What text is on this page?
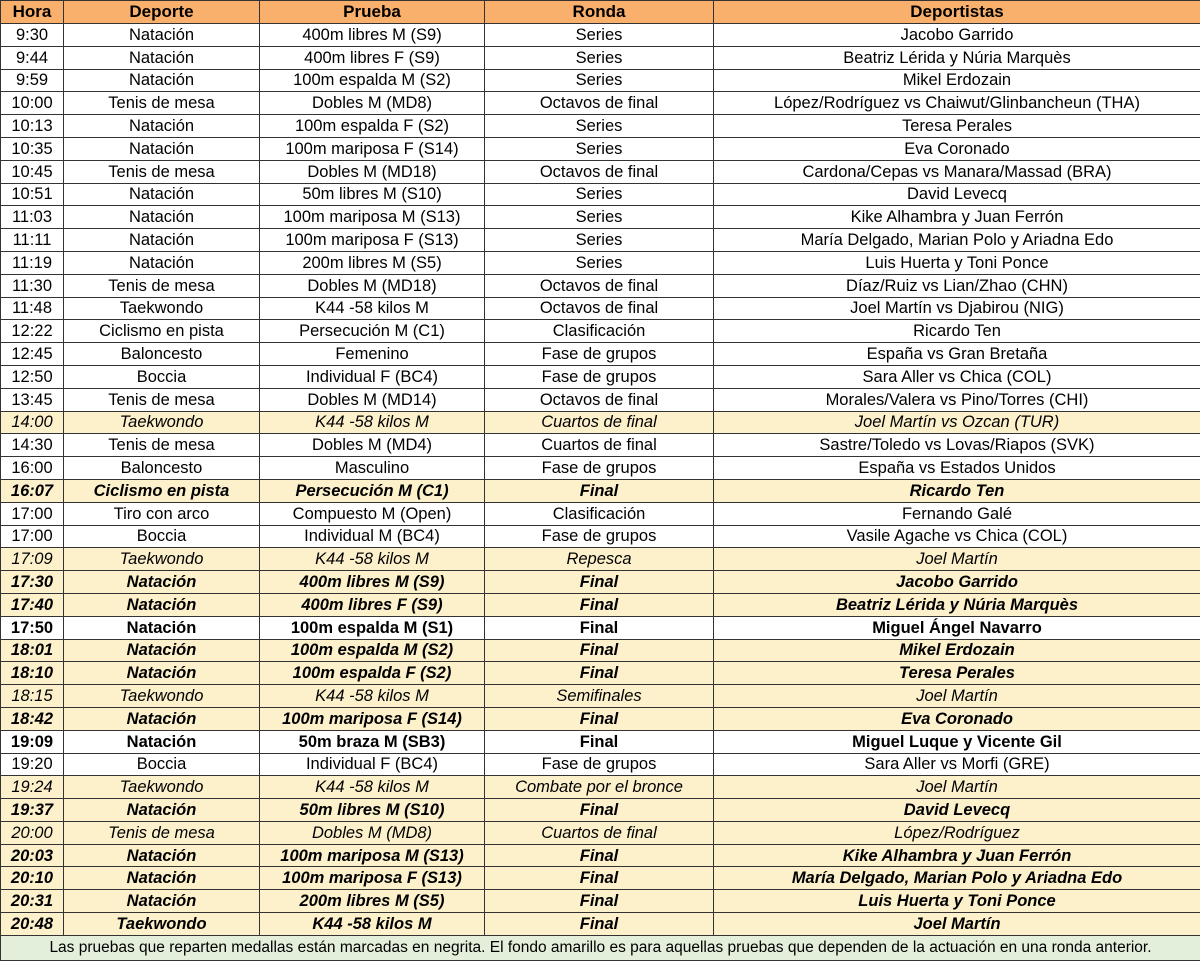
Hora	Deporte	Prueba	Ronda	Deportistas
9:30	Natación	400m libres M (S9)	Series	Jacobo Garrido
9:44	Natación	400m libres F (S9)	Series	Beatriz Lérida y Núria Marquès
9:59	Natación	100m espalda M (S2)	Series	Mikel Erdozain
10:00	Tenis de mesa	Dobles M (MD8)	Octavos de final	López/Rodríguez vs Chaiwut/Glinbancheun (THA)
10:13	Natación	100m espalda F (S2)	Series	Teresa Perales
10:35	Natación	100m mariposa F (S14)	Series	Eva Coronado
10:45	Tenis de mesa	Dobles M (MD18)	Octavos de final	Cardona/Cepas vs Manara/Massad (BRA)
10:51	Natación	50m libres M (S10)	Series	David Levecq
11:03	Natación	100m mariposa M (S13)	Series	Kike Alhambra y Juan Ferrón
11:11	Natación	100m mariposa F (S13)	Series	María Delgado, Marian Polo y Ariadna Edo
11:19	Natación	200m libres M (S5)	Series	Luis Huerta y Toni Ponce
11:30	Tenis de mesa	Dobles M (MD18)	Octavos de final	Díaz/Ruiz vs Lian/Zhao (CHN)
11:48	Taekwondo	K44 -58 kilos M	Octavos de final	Joel Martín vs Djabirou (NIG)
12:22	Ciclismo en pista	Persecución M (C1)	Clasificación	Ricardo Ten
12:45	Baloncesto	Femenino	Fase de grupos	España vs Gran Bretaña
12:50	Boccia	Individual F (BC4)	Fase de grupos	Sara Aller vs Chica (COL)
13:45	Tenis de mesa	Dobles M (MD14)	Octavos de final	Morales/Valera vs Pino/Torres (CHI)
14:00	Taekwondo	K44 -58 kilos M	Cuartos de final	Joel Martín vs Ozcan (TUR)
14:30	Tenis de mesa	Dobles M (MD4)	Cuartos de final	Sastre/Toledo vs Lovas/Riapos (SVK)
16:00	Baloncesto	Masculino	Fase de grupos	España vs Estados Unidos
16:07	Ciclismo en pista	Persecución M (C1)	Final	Ricardo Ten
17:00	Tiro con arco	Compuesto M (Open)	Clasificación	Fernando Galé
17:00	Boccia	Individual M (BC4)	Fase de grupos	Vasile Agache vs Chica (COL)
17:09	Taekwondo	K44 -58 kilos M	Repesca	Joel Martín
17:30	Natación	400m libres M (S9)	Final	Jacobo Garrido
17:40	Natación	400m libres F (S9)	Final	Beatriz Lérida y Núria Marquès
17:50	Natación	100m espalda M (S1)	Final	Miguel Ángel Navarro
18:01	Natación	100m espalda M (S2)	Final	Mikel Erdozain
18:10	Natación	100m espalda F (S2)	Final	Teresa Perales
18:15	Taekwondo	K44 -58 kilos M	Semifinales	Joel Martín
18:42	Natación	100m mariposa F (S14)	Final	Eva Coronado
19:09	Natación	50m braza M (SB3)	Final	Miguel Luque y Vicente Gil
19:20	Boccia	Individual F (BC4)	Fase de grupos	Sara Aller vs Morfi (GRE)
19:24	Taekwondo	K44 -58 kilos M	Combate por el bronce	Joel Martín
19:37	Natación	50m libres M (S10)	Final	David Levecq
20:00	Tenis de mesa	Dobles M (MD8)	Cuartos de final	López/Rodríguez
20:03	Natación	100m mariposa M (S13)	Final	Kike Alhambra y Juan Ferrón
20:10	Natación	100m mariposa F (S13)	Final	María Delgado, Marian Polo y Ariadna Edo
20:31	Natación	200m libres M (S5)	Final	Luis Huerta y Toni Ponce
20:48	Taekwondo	K44 -58 kilos M	Final	Joel Martín
Las pruebas que reparten medallas están marcadas en negrita. El fondo amarillo es para aquellas pruebas que dependen de la actuación en una ronda anterior.				
